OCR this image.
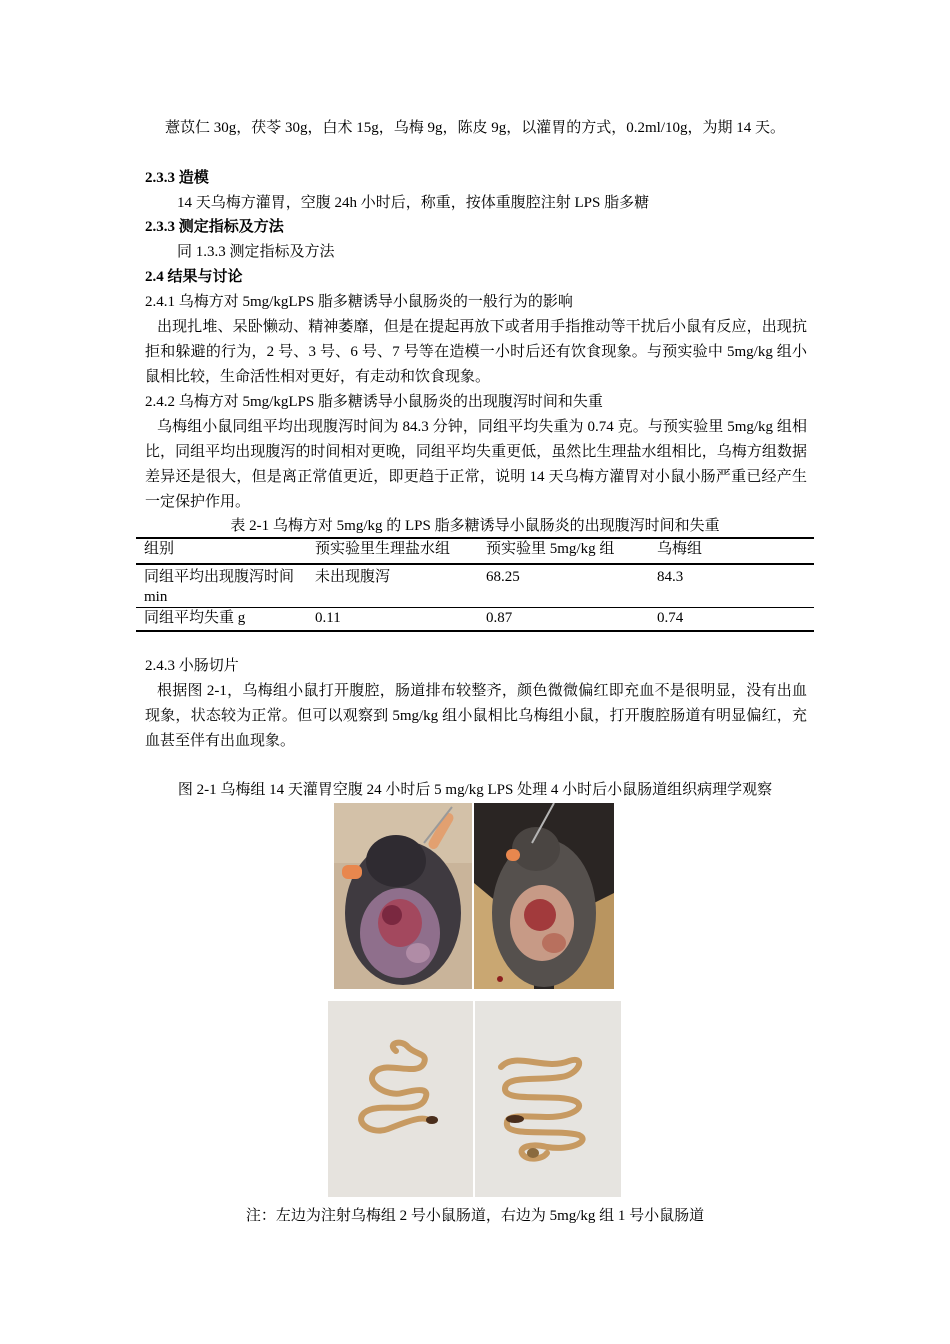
薏苡仁 30g，茯苓 30g，白术 15g，乌梅 9g，陈皮 9g，以灌胃的方式，0.2ml/10g，为期 14 天。

2.3.3 造模

14 天乌梅方灌胃，空腹 24h 小时后，称重，按体重腹腔注射 LPS 脂多糖

2.3.3 测定指标及方法

同 1.3.3 测定指标及方法

2.4 结果与讨论

2.4.1 乌梅方对 5mg/kgLPS 脂多糖诱导小鼠肠炎的一般行为的影响

出现扎堆、呆卧懒动、精神萎靡，但是在提起再放下或者用手指推动等干扰后小鼠有反应，出现抗拒和躲避的行为，2 号、3 号、6 号、7 号等在造模一小时后还有饮食现象。与预实验中 5mg/kg 组小鼠相比较，生命活性相对更好，有走动和饮食现象。

2.4.2 乌梅方对 5mg/kgLPS 脂多糖诱导小鼠肠炎的出现腹泻时间和失重

乌梅组小鼠同组平均出现腹泻时间为 84.3 分钟，同组平均失重为 0.74 克。与预实验里 5mg/kg 组相比，同组平均出现腹泻的时间相对更晚，同组平均失重更低，虽然比生理盐水组相比，乌梅方组数据差异还是很大，但是离正常值更近，即更趋于正常，说明 14 天乌梅方灌胃对小鼠小肠严重已经产生一定保护作用。

表 2-1 乌梅方对 5mg/kg 的 LPS 脂多糖诱导小鼠肠炎的出现腹泻时间和失重

组别	预实验里生理盐水组	预实验里 5mg/kg 组	乌梅组
同组平均出现腹泻时间 min	未出现腹泻	68.25	84.3
同组平均失重 g	0.11	0.87	0.74

2.4.3 小肠切片

根据图 2-1，乌梅组小鼠打开腹腔，肠道排布较整齐，颜色微微偏红即充血不是很明显，没有出血现象，状态较为正常。但可以观察到 5mg/kg 组小鼠相比乌梅组小鼠，打开腹腔肠道有明显偏红，充血甚至伴有出血现象。

图 2-1 乌梅组 14 天灌胃空腹 24 小时后 5 mg/kg LPS 处理 4 小时后小鼠肠道组织病理学观察

注：左边为注射乌梅组 2 号小鼠肠道，右边为 5mg/kg 组 1 号小鼠肠道
